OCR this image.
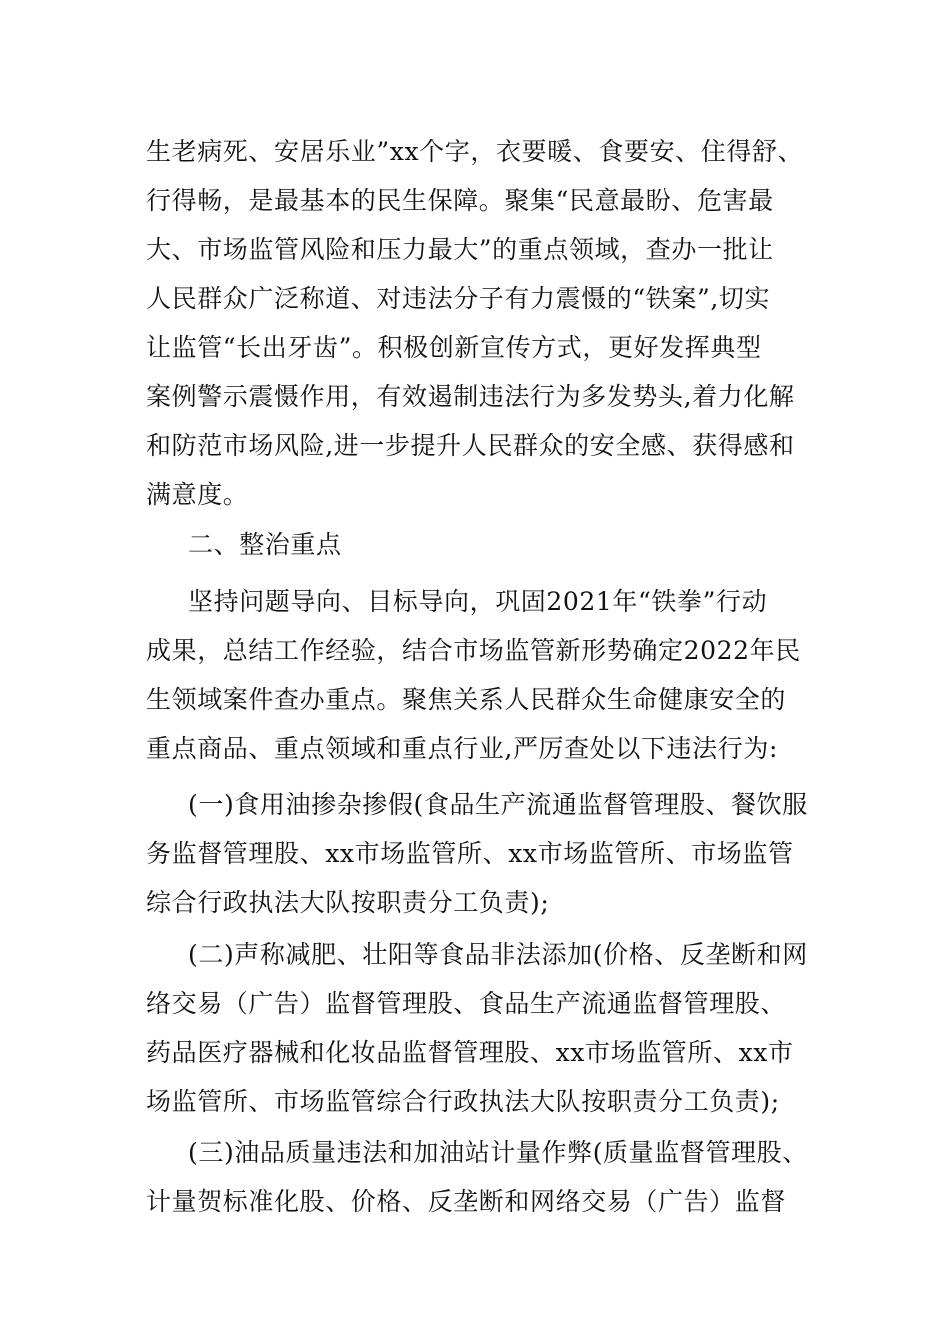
生老病死、安居乐业”xx个字，衣要暖、食要安、住得舒、
行得畅，是最基本的民生保障。聚集“民意最盼、危害最
大、市场监管风险和压力最大”的重点领域，查办一批让
人民群众广泛称道、对违法分子有力震慑的“铁案”,切实
让监管“长出牙齿”。积极创新宣传方式，更好发挥典型
案例警示震慑作用，有效遏制违法行为多发势头,着力化解
和防范市场风险,进一步提升人民群众的安全感、获得感和
满意度。
二、整治重点
坚持问题导向、目标导向，巩固2021年“铁拳”行动
成果，总结工作经验，结合市场监管新形势确定2022年民
生领域案件查办重点。聚焦关系人民群众生命健康安全的
重点商品、重点领域和重点行业,严厉查处以下违法行为:
(一)食用油掺杂掺假(食品生产流通监督管理股、餐饮服
务监督管理股、xx市场监管所、xx市场监管所、市场监管
综合行政执法大队按职责分工负责);
(二)声称减肥、壮阳等食品非法添加(价格、反垄断和网
络交易（广告）监督管理股、食品生产流通监督管理股、
药品医疗器械和化妆品监督管理股、xx市场监管所、xx市
场监管所、市场监管综合行政执法大队按职责分工负责);
(三)油品质量违法和加油站计量作弊(质量监督管理股、
计量贺标准化股、价格、反垄断和网络交易（广告）监督
